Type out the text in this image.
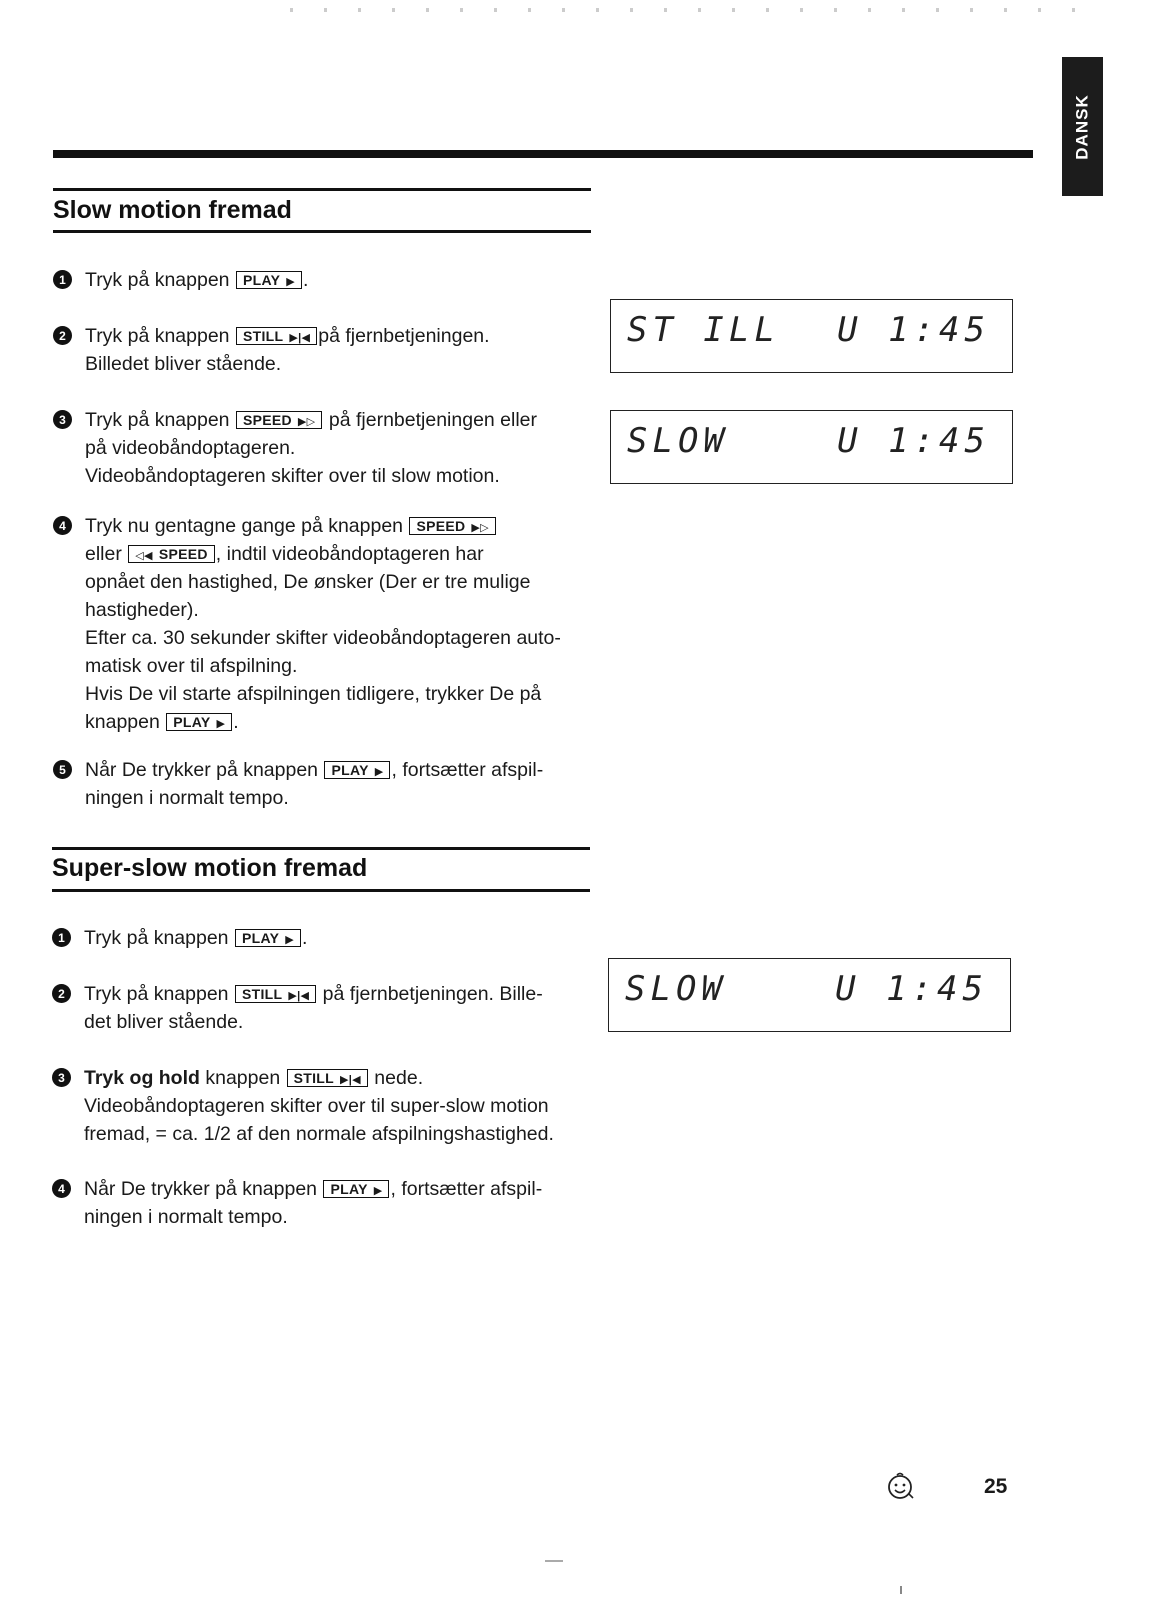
DANSK
Slow motion fremad
1 Tryk på knappen PLAY ▶ .
2 Tryk på knappen STILL ▶|◀ på fjernbetjeningen.
Billedet bliver stående.
3 Tryk på knappen SPEED ▶▷ på fjernbetjeningen eller
på videobåndoptageren.
Videobåndoptageren skifter over til slow motion.
4 Tryk nu gentagne gange på knappen SPEED ▶▷
eller ◁◀ SPEED , indtil videobåndoptageren har
opnået den hastighed, De ønsker (Der er tre mulige
hastigheder).
Efter ca. 30 sekunder skifter videobåndoptageren auto-
matisk over til afspilning.
Hvis De vil starte afspilningen tidligere, trykker De på
knappen PLAY ▶ .
5 Når De trykker på knappen PLAY ▶ , fortsætter afspil-
ningen i normalt tempo.
Super-slow motion fremad
1 Tryk på knappen PLAY ▶ .
2 Tryk på knappen STILL ▶|◀ på fjernbetjeningen. Bille-
det bliver stående.
3 Tryk og hold knappen STILL ▶|◀ nede.
Videobåndoptageren skifter over til super-slow motion
fremad, = ca. 1/2 af den normale afspilningshastighed.
4 Når De trykker på knappen PLAY ▶ , fortsætter afspil-
ningen i normalt tempo.
ST ILL U 1:45
SLOW	U 1:45
SLOW	U 1:45
25
